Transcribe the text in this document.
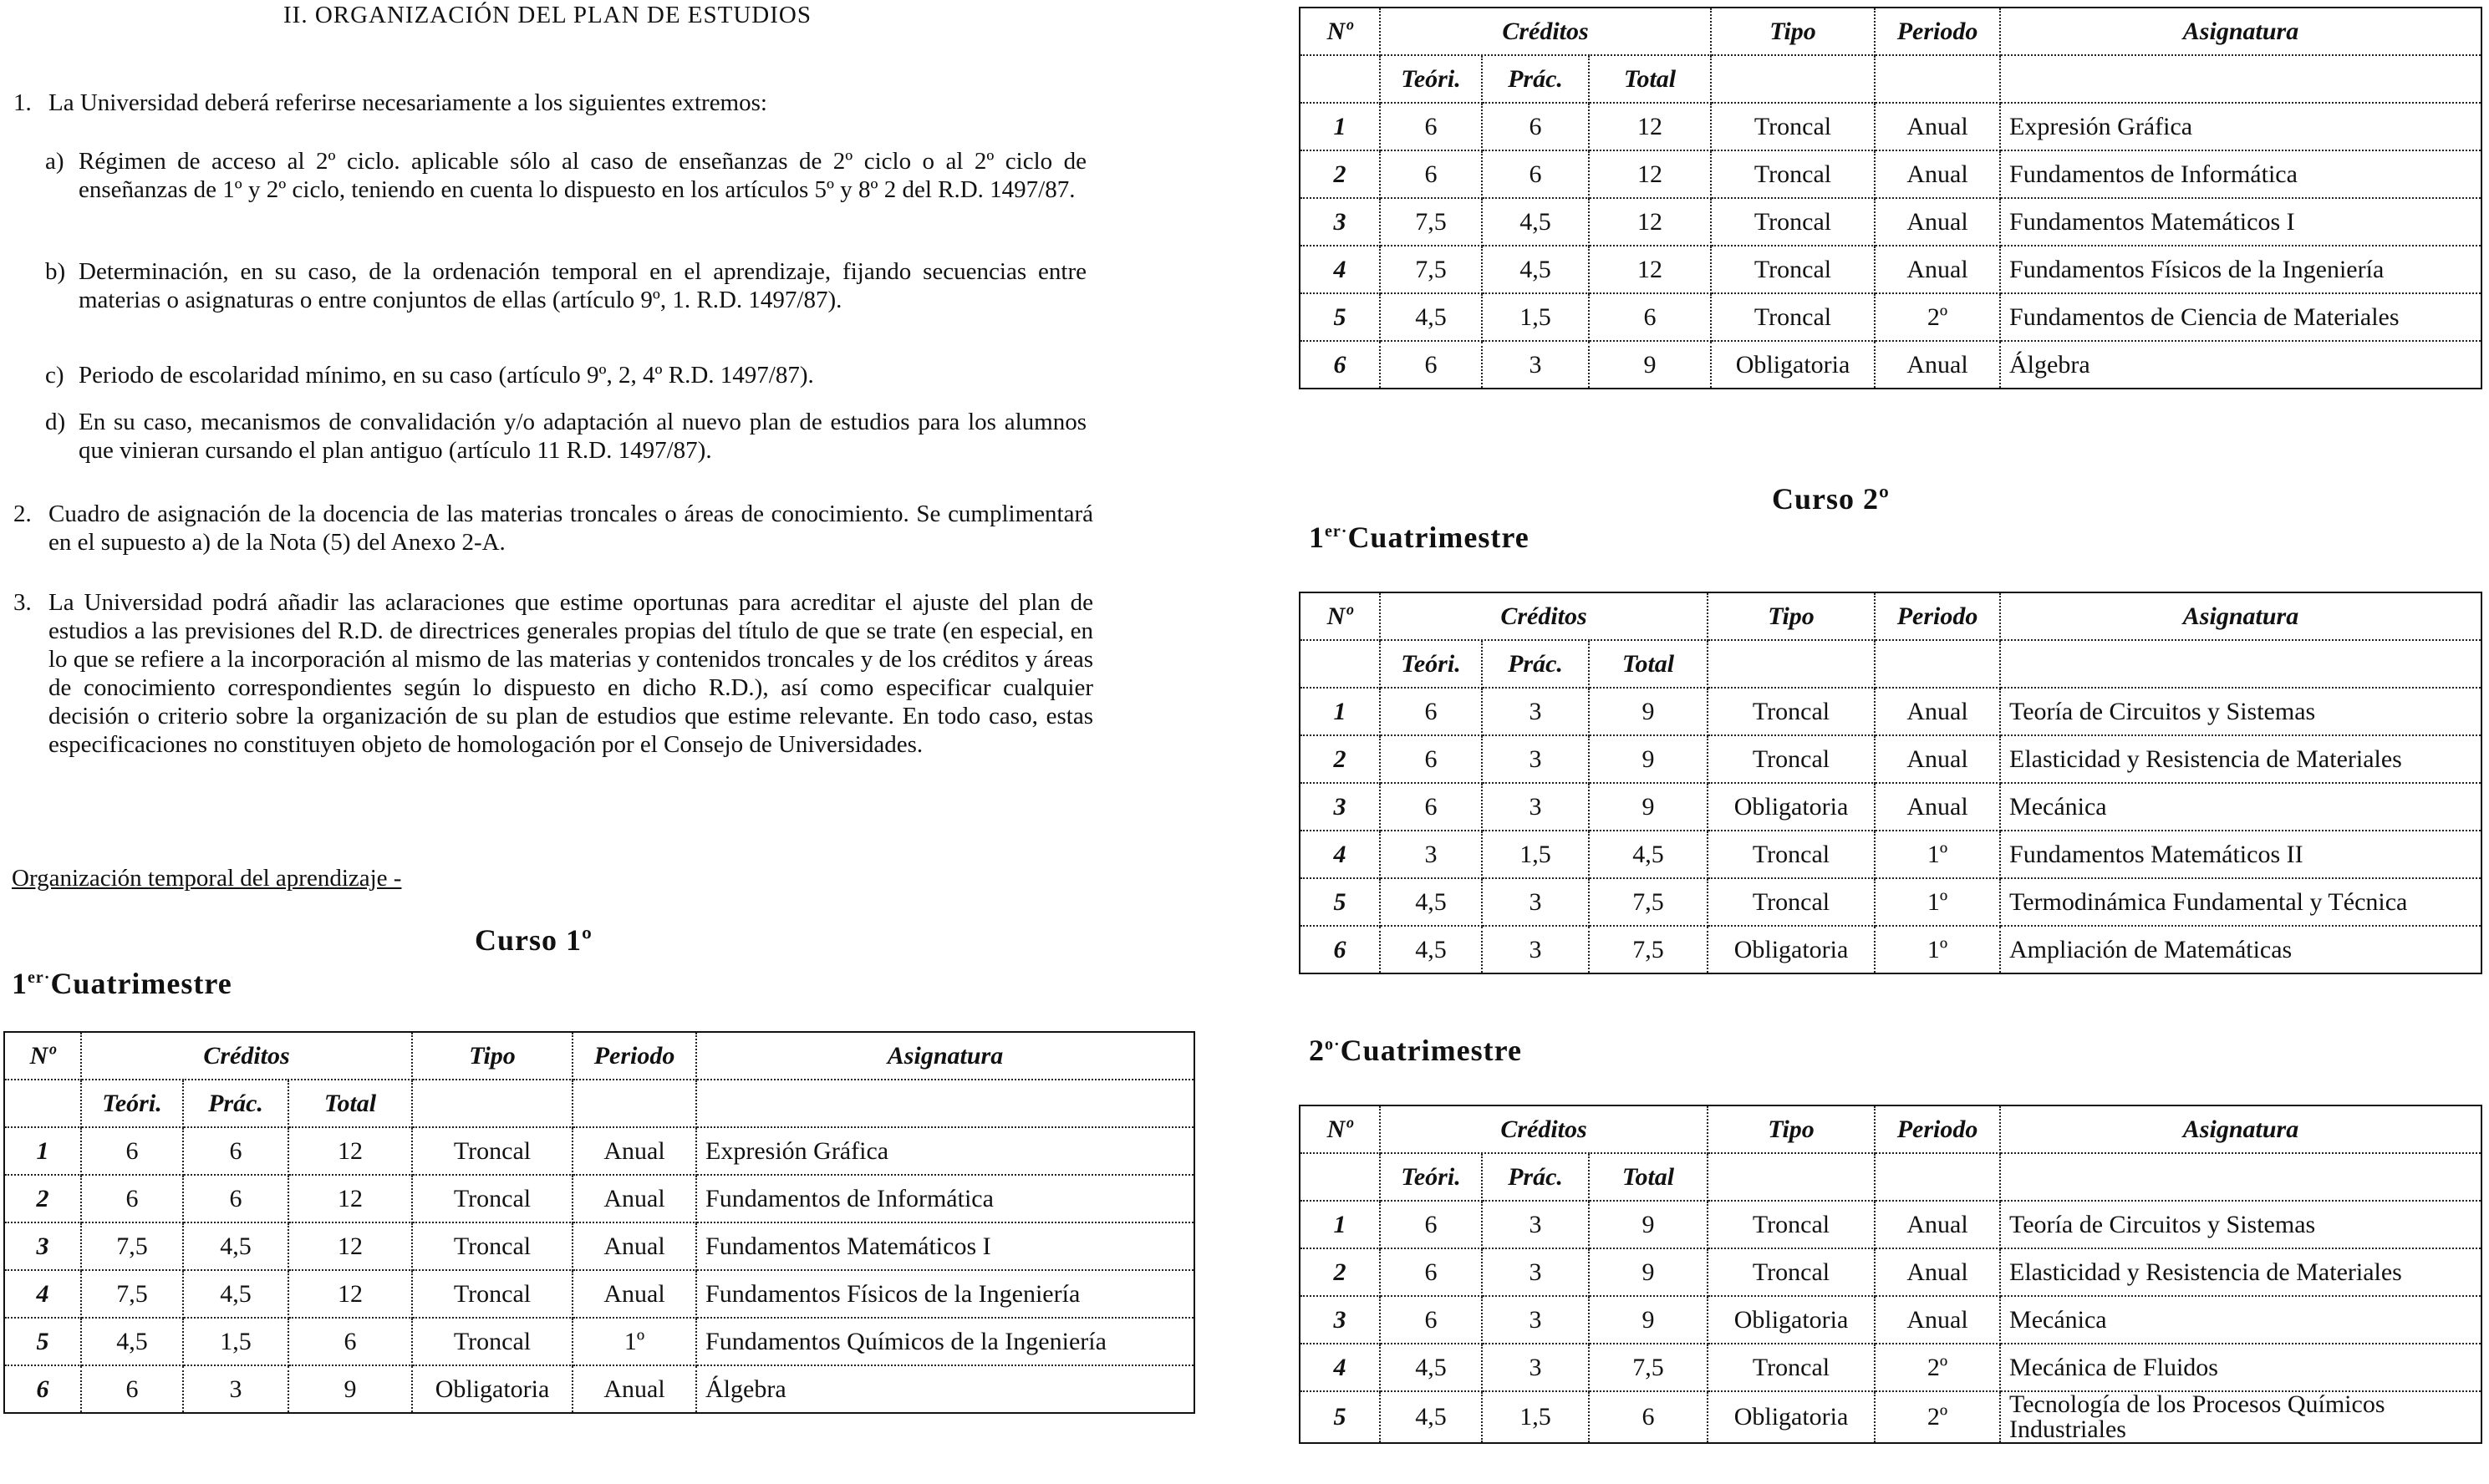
II. ORGANIZACIÓN DEL PLAN DE ESTUDIOS
1. La Universidad deberá referirse necesariamente a los siguientes extremos:
a) Régimen de acceso al 2º ciclo. aplicable sólo al caso de enseñanzas de 2º ciclo o al 2º ciclo de enseñanzas de 1º y 2º ciclo, teniendo en cuenta lo dispuesto en los artículos 5º y 8º 2 del R.D. 1497/87.
b) Determinación, en su caso, de la ordenación temporal en el aprendizaje, fijando secuencias entre materias o asignaturas o entre conjuntos de ellas (artículo 9º, 1. R.D. 1497/87).
c) Periodo de escolaridad mínimo, en su caso (artículo 9º, 2, 4º R.D. 1497/87).
d) En su caso, mecanismos de convalidación y/o adaptación al nuevo plan de estudios para los alumnos que vinieran cursando el plan antiguo (artículo 11 R.D. 1497/87).
2. Cuadro de asignación de la docencia de las materias troncales o áreas de conocimiento. Se cumplimentará en el supuesto a) de la Nota (5) del Anexo 2-A.
3. La Universidad podrá añadir las aclaraciones que estime oportunas para acreditar el ajuste del plan de estudios a las previsiones del R.D. de directrices generales propias del título de que se trate (en especial, en lo que se refiere a la incorporación al mismo de las materias y contenidos troncales y de los créditos y áreas de conocimiento correspondientes según lo dispuesto en dicho R.D.), así como especificar cualquier decisión o criterio sobre la organización de su plan de estudios que estime relevante. En todo caso, estas especificaciones no constituyen objeto de homologación por el Consejo de Universidades.
Organización temporal del aprendizaje -
Curso 1º
$1^{er\cdot}Cuatrimestre$
Nº	Créditos			Tipo	Periodo	Asignatura
	Teóri.	Prác.	Total			
1	6	6	12	Troncal	Anual	Expresión Gráfica
2	6	6	12	Troncal	Anual	Fundamentos de Informática
3	7,5	4,5	12	Troncal	Anual	Fundamentos Matemáticos I
4	7,5	4,5	12	Troncal	Anual	Fundamentos Físicos de la Ingeniería
5	4,5	1,5	6	Troncal	1º	Fundamentos Químicos de la Ingeniería
6	6	3	9	Obligatoria	Anual	Álgebra
Nº	Créditos			Tipo	Periodo	Asignatura
	Teóri.	Prác.	Total			
1	6	6	12	Troncal	Anual	Expresión Gráfica
2	6	6	12	Troncal	Anual	Fundamentos de Informática
3	7,5	4,5	12	Troncal	Anual	Fundamentos Matemáticos I
4	7,5	4,5	12	Troncal	Anual	Fundamentos Físicos de la Ingeniería
5	4,5	1,5	6	Troncal	2º	Fundamentos de Ciencia de Materiales
6	6	3	9	Obligatoria	Anual	Álgebra
Curso 2º
$1^{er\cdot}Cuatrimestre$
Nº	Créditos			Tipo	Periodo	Asignatura
	Teóri.	Prác.	Total			
1	6	3	9	Troncal	Anual	Teoría de Circuitos y Sistemas
2	6	3	9	Troncal	Anual	Elasticidad y Resistencia de Materiales
3	6	3	9	Obligatoria	Anual	Mecánica
4	3	1,5	4,5	Troncal	1º	Fundamentos Matemáticos II
5	4,5	3	7,5	Troncal	1º	Termodinámica Fundamental y Técnica
6	4,5	3	7,5	Obligatoria	1º	Ampliación de Matemáticas
$2^{o\cdot}Cuatrimestre$
Nº	Créditos			Tipo	Periodo	Asignatura
	Teóri.	Prác.	Total			
1	6	3	9	Troncal	Anual	Teoría de Circuitos y Sistemas
2	6	3	9	Troncal	Anual	Elasticidad y Resistencia de Materiales
3	6	3	9	Obligatoria	Anual	Mecánica
4	4,5	3	7,5	Troncal	2º	Mecánica de Fluidos
5	4,5	1,5	6	Obligatoria	2º	Tecnología de los Procesos Químicos Industriales
